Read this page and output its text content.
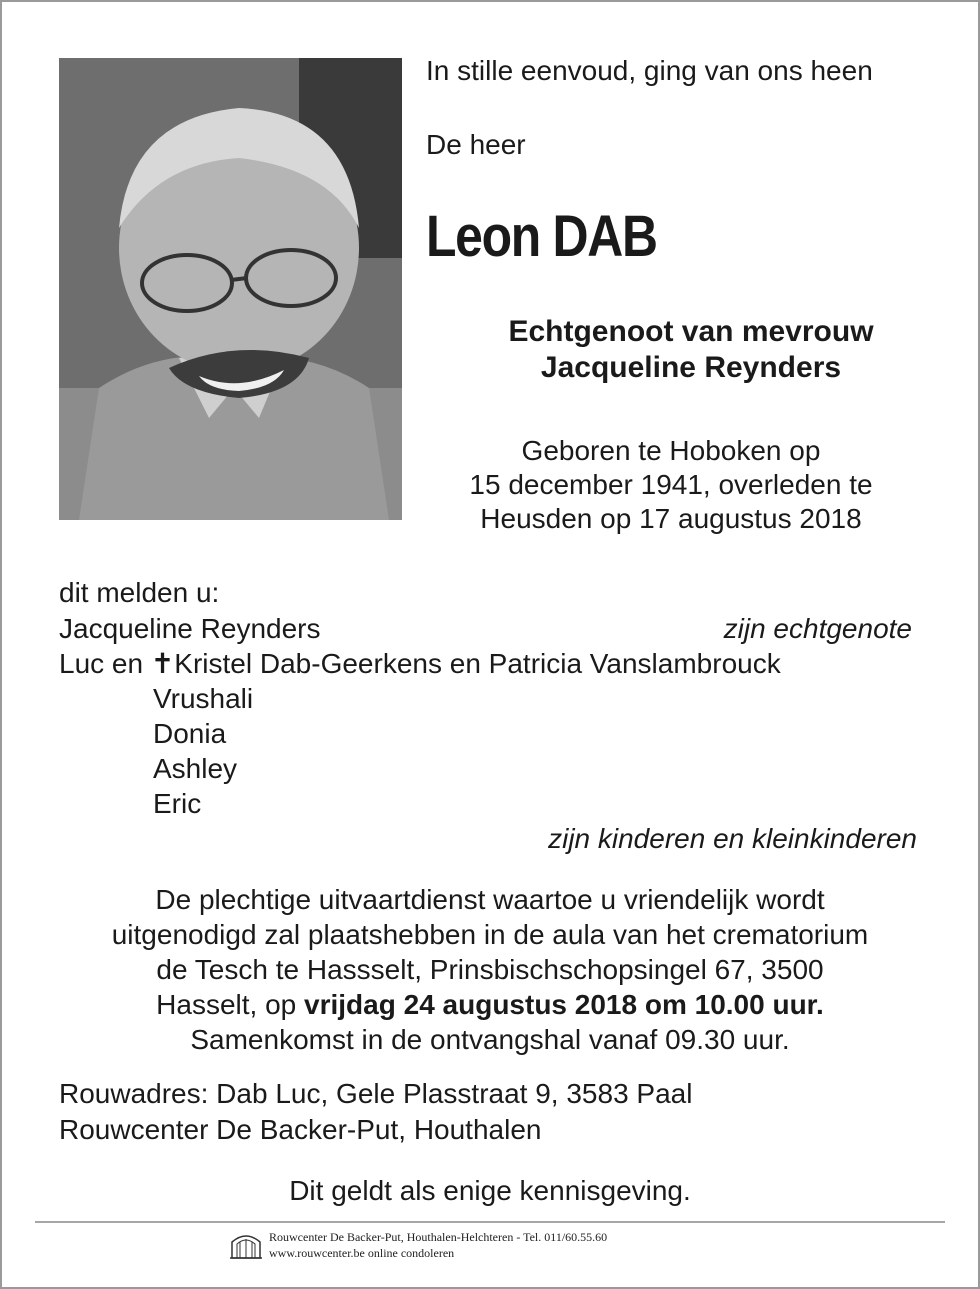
In stille eenvoud, ging van ons heen
De heer
Leon DAB
Echtgenoot van mevrouw
Jacqueline Reynders
Geboren te Hoboken op
15 december 1941, overleden te
Heusden op 17 augustus 2018
dit melden u:
Jacqueline Reynders	zijn echtgenote
Luc en ✝Kristel Dab-Geerkens en Patricia Vanslambrouck
Vrushali
Donia
Ashley
Eric
zijn kinderen en kleinkinderen
De plechtige uitvaartdienst waartoe u vriendelijk wordt
uitgenodigd zal plaatshebben in de aula van het crematorium
de Tesch te Hassselt, Prinsbischschopsingel 67, 3500
Hasselt, op vrijdag 24 augustus 2018 om 10.00 uur.
Samenkomst in de ontvangshal vanaf 09.30 uur.
Rouwadres: Dab Luc, Gele Plasstraat 9, 3583 Paal
Rouwcenter De Backer-Put, Houthalen
Dit geldt als enige kennisgeving.
Rouwcenter De Backer-Put, Houthalen-Helchteren - Tel. 011/60.55.60
www.rouwcenter.be online condoleren
